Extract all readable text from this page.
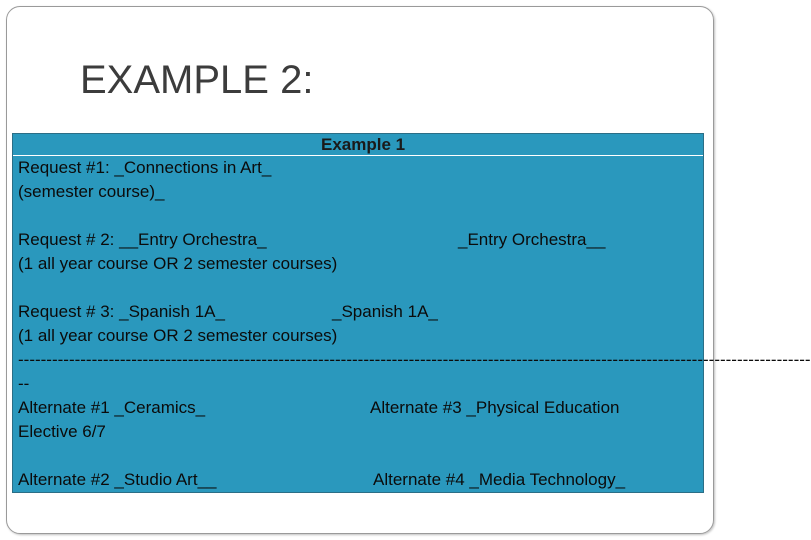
EXAMPLE 2:
Example 1
Request #1: _Connections in Art_
(semester course)_
Request # 2: __Entry Orchestra_	_Entry Orchestra__
(1 all year course OR 2 semester courses)
Request # 3: _Spanish 1A_	_Spanish 1A_
(1 all year course OR 2 semester courses)
--------------------------------------------------------------------------------------------------------------------------------------------
--
Alternate #1 _Ceramics_	Alternate #3 _Physical Education
Elective 6/7
Alternate #2 _Studio Art__	Alternate #4 _Media Technology_
